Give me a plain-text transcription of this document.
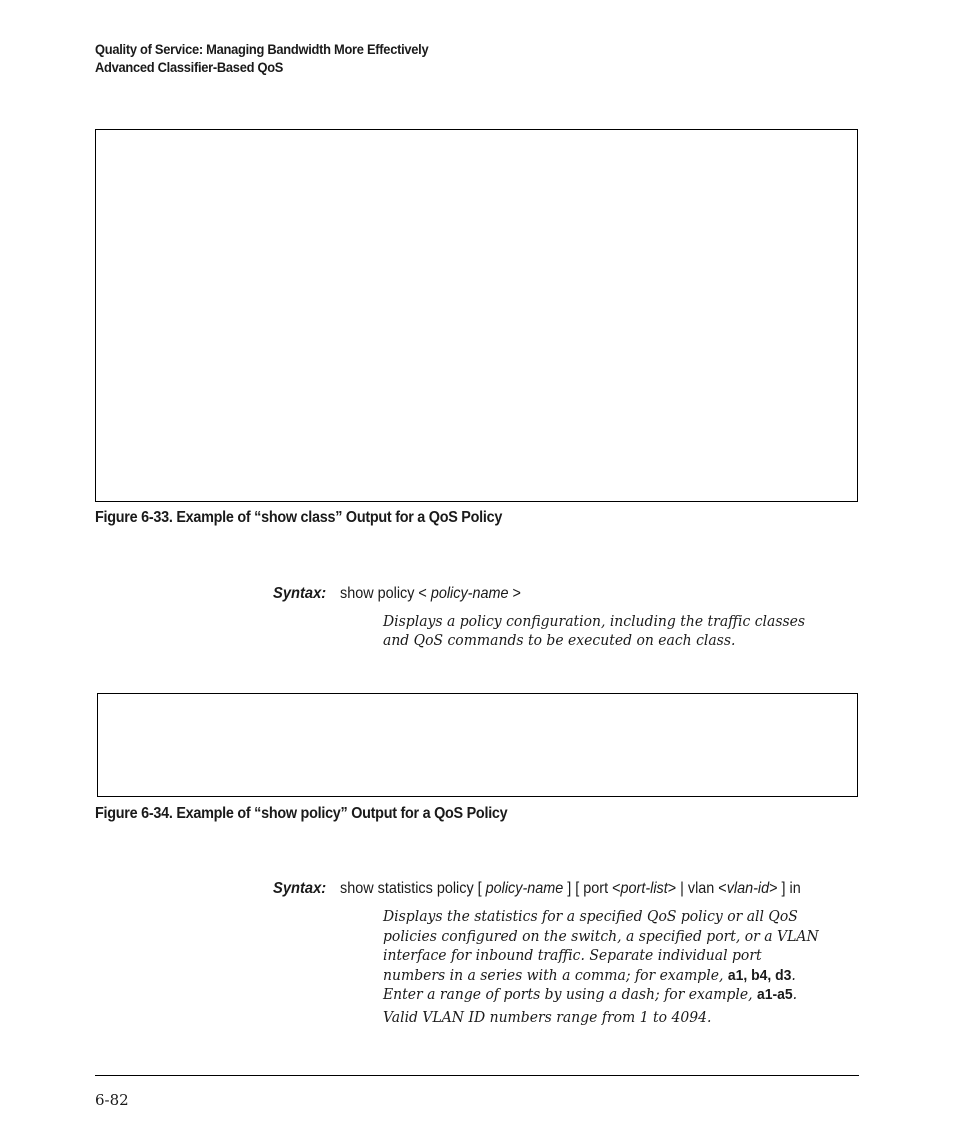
Quality of Service: Managing Bandwidth More Effectively
Advanced Classifier-Based QoS
Figure 6-33. Example of “show class” Output for a QoS Policy
Syntax: show policy < policy-name >
Displays a policy configuration, including the traffic classes
and QoS commands to be executed on each class.
Figure 6-34. Example of “show policy” Output for a QoS Policy
Syntax: show statistics policy [ policy-name ] [ port <port-list> | vlan <vlan-id> ] in
Displays the statistics for a specified QoS policy or all QoS
policies configured on the switch, a specified port, or a VLAN
interface for inbound traffic. Separate individual port
numbers in a series with a comma; for example, a1, b4, d3.
Enter a range of ports by using a dash; for example, a1-a5.
Valid VLAN ID numbers range from 1 to 4094.
6-82
